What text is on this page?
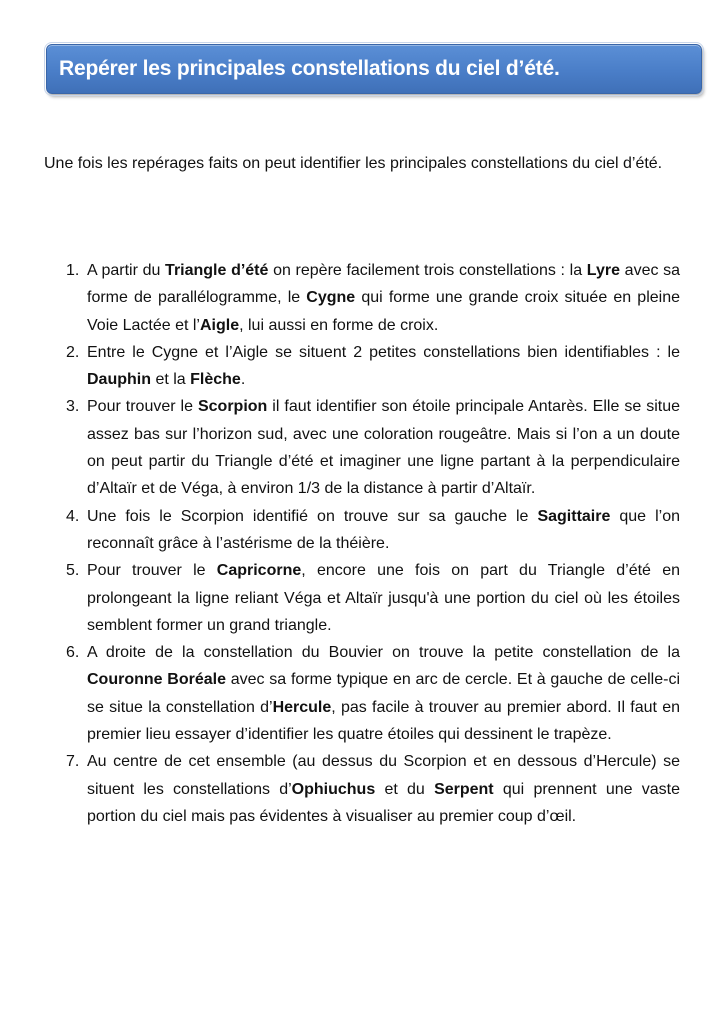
Repérer les principales constellations du ciel d’été.

Une fois les repérages faits on peut identifier les principales constellations du ciel d’été.

1. A partir du Triangle d’été on repère facilement trois constellations : la Lyre avec sa forme de parallélogramme, le Cygne qui forme une grande croix située en pleine Voie Lactée et l’Aigle, lui aussi en forme de croix.
2. Entre le Cygne et l’Aigle se situent 2 petites constellations bien identifiables : le Dauphin et la Flèche.
3. Pour trouver le Scorpion il faut identifier son étoile principale Antarès. Elle se situe assez bas sur l’horizon sud, avec une coloration rougeâtre. Mais si l’on a un doute on peut partir du Triangle d’été et imaginer une ligne partant à la perpendiculaire d’Altaïr et de Véga, à environ 1/3 de la distance à partir d’Altaïr.
4. Une fois le Scorpion identifié on trouve sur sa gauche le Sagittaire que l’on reconnaît grâce à l’astérisme de la théière.
5. Pour trouver le Capricorne, encore une fois on part du Triangle d’été en prolongeant la ligne reliant Véga et Altaïr jusqu'à une portion du ciel où les étoiles semblent former un grand triangle.
6. A droite de la constellation du Bouvier on trouve la petite constellation de la Couronne Boréale avec sa forme typique en arc de cercle. Et à gauche de celle-ci se situe la constellation d’Hercule, pas facile à trouver au premier abord. Il faut en premier lieu essayer d’identifier les quatre étoiles qui dessinent le trapèze.
7. Au centre de cet ensemble (au dessus du Scorpion et en dessous d’Hercule) se situent les constellations d’Ophiuchus et du Serpent qui prennent une vaste portion du ciel mais pas évidentes à visualiser au premier coup d’œil.
